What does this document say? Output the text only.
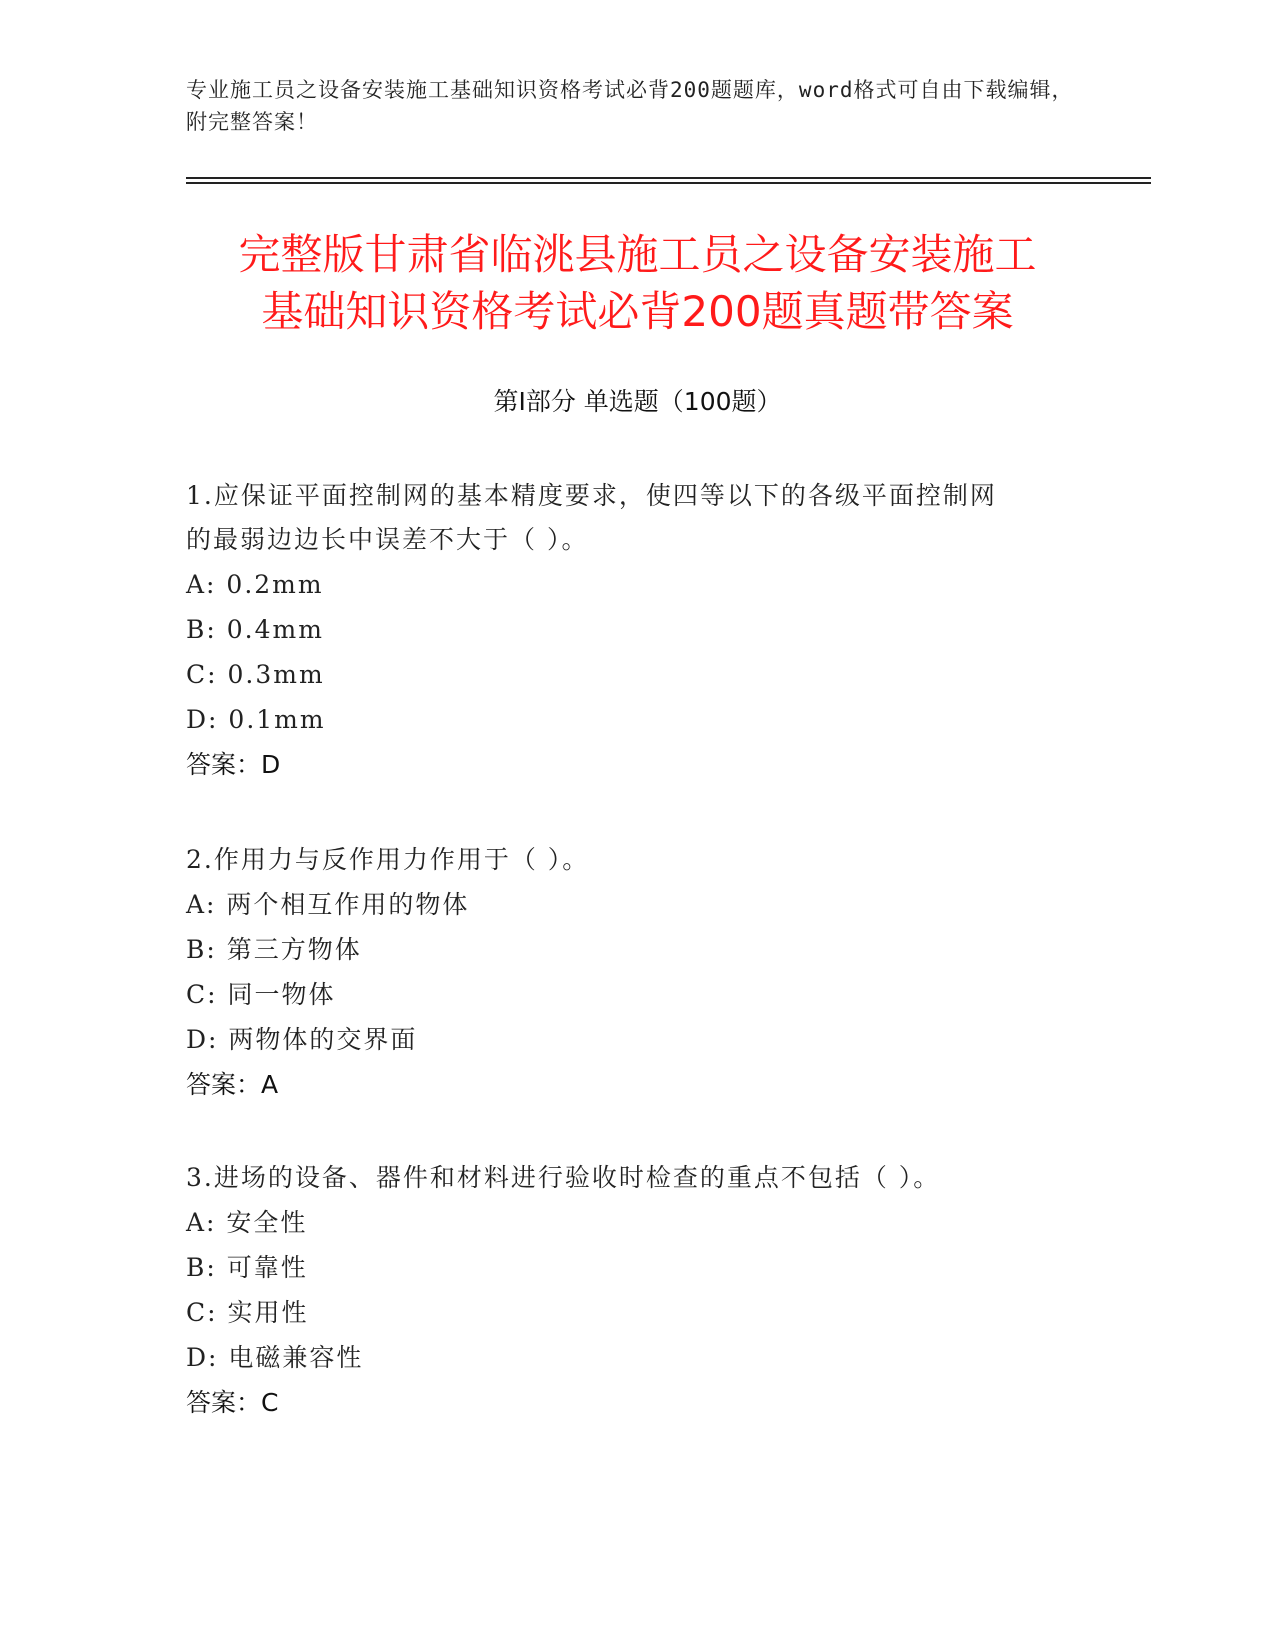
专业施工员之设备安装施工基础知识资格考试必背200题题库，word格式可自由下载编辑，附完整答案！
完整版甘肃省临洮县施工员之设备安装施工
基础知识资格考试必背200题真题带答案
第Ⅰ部分 单选题（100题）
1.应保证平面控制网的基本精度要求，使四等以下的各级平面控制网
的最弱边边长中误差不大于（ ）。
A: 0.2mm
B: 0.4mm
C: 0.3mm
D: 0.1mm
答案：D
2.作用力与反作用力作用于（ ）。
A: 两个相互作用的物体
B: 第三方物体
C: 同一物体
D: 两物体的交界面
答案：A
3.进场的设备、器件和材料进行验收时检查的重点不包括（ ）。
A: 安全性
B: 可靠性
C: 实用性
D: 电磁兼容性
答案：C
